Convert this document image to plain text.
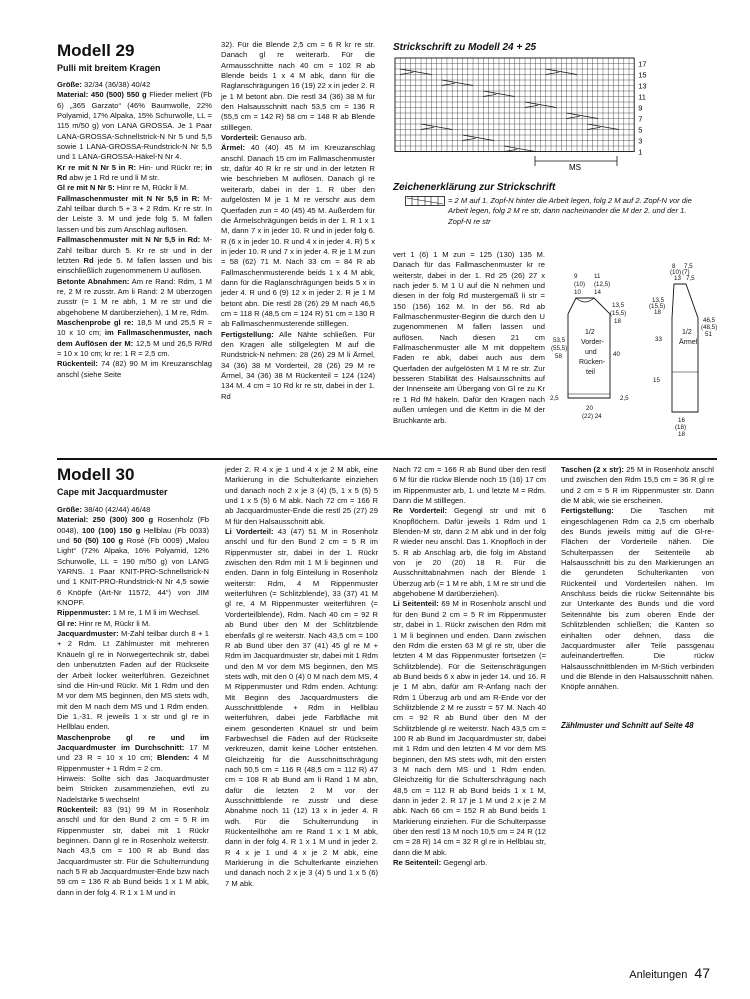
Modell 29
Pulli mit breitem Kragen

Größe: 32/34 (36/38) 40/42

Material: 450 (500) 550 g Flieder meliert (Fb 6) „365 Garzato“ (46% Baumwolle, 22% Polyamid, 17% Alpaka, 15% Schurwolle, LL = 115 m/50 g) von LANA GROSSA. Je 1 Paar LANA-GROSSA-Schnellstrick-N Nr 5 und 5,5 sowie 1 LANA-GROSSA-Rundstrick-N Nr 5,5 und 1 LANA-GROSSA-Häkel-N Nr 4.

Kr re mit N Nr 5 in R: Hin- und Rückr re; in Rd abw je 1 Rd re und li M str.

Gl re mit N Nr 5: Hinr re M, Rückr li M.

Fallmaschenmuster mit N Nr 5,5 in R: M-Zahl teilbar durch 5 + 3 + 2 Rdm. Kr re str. In der Leiste 3. M und jede folg 5. M fallen lassen und bis zum Anschlag auflösen.

Fallmaschenmuster mit N Nr 5,5 in Rd: M-Zahl teilbar durch 5. Kr re str und in der letzten Rd jede 5. M fallen lassen und bis einschließlich zugenommenem U auflösen.

Betonte Abnahmen: Am re Rand: Rdm, 1 M re, 2 M re zusstr. Am li Rand: 2 M überzogen zusstr (= 1 M re abh, 1 M re str und die abgehobene M darüberziehen), 1 M re, Rdm.

Maschenprobe gl re: 18,5 M und 25,5 R = 10 x 10 cm; im Fallmaschenmuster, nach dem Auflösen der M: 12,5 M und 26,5 R/Rd = 10 x 10 cm; kr re: 1 R = 2,5 cm.

Rückenteil: 74 (82) 90 M im Kreuzanschlag anschl (siehe Seite

32). Für die Blende 2,5 cm = 6 R kr re str. Danach gl re weiterarb. Für die Armausschnitte nach 40 cm = 102 R ab Blende beids 1 x 4 M abk, dann für die Raglanschrägungen 16 (19) 22 x in jeder 2. R je 1 M betont abn. Die restl 34 (36) 38 M für den Halsausschnitt nach 53,5 cm = 136 R (55,5 cm = 142 R) 58 cm = 148 R ab Blende stilllegen.

Vorderteil: Genauso arb.

Ärmel: 40 (40) 45 M im Kreuzanschlag anschl. Danach 15 cm im Fallmaschenmuster str, dafür 40 R kr re str und in der letzten R wie beschrieben M auflösen. Danach gl re weiterarb, dabei in der 1. R über den aufgelösten M je 1 M re verschr aus dem Querfaden zun = 40 (45) 45 M. Außerdem für die Ärmelschrägungen beids in der 1. R 1 x 1 M, dann 7 x in jeder 10. R und in jeder folg 6. R (6 x in jeder 10. R und 4 x in jeder 4. R) 5 x in jeder 10. R und 7 x in jeder 4. R je 1 M zun = 58 (62) 71 M. Nach 33 cm = 84 R ab Fallmaschenmusterende beids 1 x 4 M abk, dann für die Raglanschrägungen beids 5 x in jeder 4. R und 6 (9) 12 x in jeder 2. R je 1 M betont abn. Die restl 28 (26) 29 M nach 46,5 cm = 118 R (48,5 cm = 124 R) 51 cm = 130 R ab Fallmaschenmusterende stilllegen.

Fertigstellung: Alle Nähte schließen. Für den Kragen alle stillgelegten M auf die Rundstrick-N nehmen: 28 (26) 29 M li Ärmel, 34 (36) 38 M Vorderteil, 28 (26) 29 M re Ärmel, 34 (36) 38 M Rückenteil = 124 (124) 134 M. 4 cm = 10 Rd kr re str, dabei in der 1. Rd

Strickschrift zu Modell 24 + 25
17
15
13
11
9
7
5
3
1
MS
Zeichenerklärung zur Strickschrift
= 2 M auf 1. Zopf-N hinter die Arbeit legen, folg 2 M auf 2. Zopf-N vor die Arbeit legen, folg 2 M re str, dann nacheinander die M der 2. und der 1. Zopf-N re str

vert 1 (6) 1 M zun = 125 (130) 135 M. Danach für das Fallmaschenmuster kr re weiterstr, dabei in der 1. Rd 25 (26) 27 x nach jeder 5. M 1 U auf die N nehmen und diesen in der folg Rd mustergemäß li str = 150 (156) 162 M. In der 56. Rd ab Fallmaschenmuster-Beginn die durch den U zugenommenen M fallen lassen und auflösen. Nach diesen 21 cm Fallmaschenmuster alle M mit doppeltem Faden re abk, dabei auch aus dem Querfaden der aufgelösten M 1 M re str. Zur besseren Stabilität des Halsausschnitts auf der Innenseite am Übergang von Gl re zu Kr re 1 Rd fM häkeln. Dafür den Kragen nach außen umlegen und die Kettm in die M der Bruchkante arb.

9	11
(10) (12,5)
10 14
13,5
(15,5)
18
53,5
(55,5)
58	40
20
(22) 24
2,5	2,5
1/2
Vorder-
und
Rücken-
teil
8 7,5
(10) (7)
13 7,5
13,5
(15,5)
18
46,5
(48,5)
51
33
15
16
(18)
18
1/2
Ärmel
Modell 30
Cape mit Jacquardmuster

Größe: 38/40 (42/44) 46/48

Material: 250 (300) 300 g Rosenholz (Fb 0048), 100 (100) 150 g Hellblau (Fb 0033) und 50 (50) 100 g Rosé (Fb 0009) „Malou Light“ (72% Alpaka, 16% Polyamid, 12% Schurwolle, LL = 190 m/50 g) von LANG YARNS. 1 Paar KNIT-PRO-Schnellstrick-N und 1 KNIT-PRO-Rundstrick-N Nr 4,5 sowie 6 Knöpfe (Art-Nr 11572, 44“) von JIM KNOPF.

Rippenmuster: 1 M re, 1 M li im Wechsel.

Gl re: Hinr re M, Rückr li M.

Jacquardmuster: M-Zahl teilbar durch 8 + 1 + 2 Rdm. Lt Zählmuster mit mehreren Knäueln gl re in Norwegertechnik str, dabei den unbenutzten Faden auf der Rückseite der Arbeit locker weiterführen. Gezeichnet sind die Hin-und Rückr. Mit 1 Rdm und den M vor dem MS beginnen, den MS stets wdh, mit den M nach dem MS und 1 Rdm enden. Die 1.-31. R jeweils 1 x str und gl re in Hellblau enden.

Maschenprobe gl re und im Jacquardmuster im Durchschnitt: 17 M und 23 R = 10 x 10 cm; Blenden: 4 M Rippenmuster + 1 Rdm = 2 cm.

Hinweis: Sollte sich das Jacquardmuster beim Stricken zusammenziehen, evtl zu Nadelstärke 5 wechseln!

Rückenteil: 83 (91) 99 M in Rosenholz anschl und für den Bund 2 cm = 5 R im Rippenmuster str, dabei mit 1 Rückr beginnen. Dann gl re in Rosenholz weiterstr. Nach 43,5 cm = 100 R ab Bund das Jacquardmuster str. Für die Schulterrundung nach 5 R ab Jacquardmuster-Ende bzw nach 59 cm = 136 R ab Bund beids 1 x 1 M abk, dann in der folg 4. R 1 x 1 M und in

jeder 2. R 4 x je 1 und 4 x je 2 M abk, eine Markierung in die Schulterkante einziehen und danach noch 2 x je 3 (4) (5, 1 x 5 (5) 5 und 1 x 5 (5) 6 M abk. Nach 72 cm = 166 R ab Jacquardmuster-Ende die restl 25 (27) 29 M für den Halsausschnitt abk.

Li Vorderteil: 43 (47) 51 M in Rosenholz anschl und für den Bund 2 cm = 5 R im Rippenmuster str, dabei in der 1. Rückr zwischen den Rdm mit 1 M li beginnen und enden. Dann in folg Einteilung in Rosenholz weiterstr: Rdm, 4 M Rippenmuster weiterführen (= Schlitzblende), 33 (37) 41 M gl re, 4 M Rippenmuster weiterführen (= Vorderteilblende), Rdm. Nach 40 cm = 92 R ab Bund über den M der Schlitzblende ebenfalls gl re weiterstr. Nach 43,5 cm = 100 R ab Bund über den 37 (41) 45 gl re M + Rdm im Jacquardmuster str, dabei mit 1 Rdm und den M vor dem MS beginnen, den MS stets wdh, mit den 0 (4) 0 M nach dem MS, 4 M Rippenmuster und Rdm enden. Achtung: Mit Beginn des Jacquardmusters die Ausschnittblende + Rdm in Hellblau weiterführen, dabei jede Farbfläche mit einem gesonderten Knäuel str und beim Farbwechsel die Fäden auf der Rückseite verkreuzen, damit keine Löcher entstehen. Gleichzeitig für die Ausschnittschrägung nach 50,5 cm = 116 R (48,5 cm = 112 R) 47 cm = 108 R ab Bund am li Rand 1 M abn, dafür die letzten 2 M vor der Ausschnittblende re zusstr und diese Abnahme noch 11 (12) 13 x in jeder 4. R wdh. Für die Schulterrundung in Rückenteilhöhe am re Rand 1 x 1 M abk, dann in der folg 4. R 1 x 1 M und in jeder 2. R 4 x je 1 und 4 x je 2 M abk, eine Markierung in die Schulterkante einziehen und danach noch 2 x je 3 (4) 5 und 1 x 5 (6) 7 M abk.

Nach 72 cm = 166 R ab Bund über den restl 6 M für die rückw Blende noch 15 (16) 17 cm im Rippenmuster arb, 1. und letzte M = Rdm. Dann die M stilllegen.

Re Vorderteil: Gegengl str und mit 6 Knopflöchern. Dafür jeweils 1 Rdm und 1 Blenden-M str, dann 2 M abk und in der folg R wieder neu anschl. Das 1. Knopfloch in der 5. R ab Anschlag arb, die folg im Abstand von je 20 (20) 18 R. Für die Ausschnittabnahmen nach der Blende 1 Überzug arb (= 1 M re abh, 1 M re str und die abgehobene M darüberziehen).

Li Seitenteil: 69 M in Rosenholz anschl und für den Bund 2 cm = 5 R im Rippenmuster str, dabei in 1. Rückr zwischen den Rdm mit 1 M li beginnen und enden. Dann zwischen den Rdm die ersten 63 M gl re str, über die letzten 4 M das Rippenmuster fortsetzen (= Schlitzblende). Für die Seitenschrägungen ab Bund beids 6 x abw in jeder 14. und 16. R je 1 M abn, dafür am R-Anfang nach der Rdm 1 Überzug arb und am R-Ende vor der Schlitzblende 2 M re zusstr = 57 M. Nach 40 cm = 92 R ab Bund über den M der Schlitzblende gl re weiterstr. Nach 43,5 cm = 100 R ab Bund im Jacquardmuster str, dabei mit 1 Rdm und den letzten 4 M vor dem MS beginnen, den MS stets wdh, mit den ersten 3 M nach dem MS und 1 Rdm enden. Gleichzeitig für die Schulterschrägung nach 48,5 cm = 112 R ab Bund beids 1 x 1 M, dann in jeder 2. R 17 je 1 M und 2 x je 2 M abk. Nach 66 cm = 152 R ab Bund beids 1 Markierung einziehen. Für die Schulterpasse über den restl 13 M noch 10,5 cm = 24 R (12 cm = 28 R) 14 cm = 32 R gl re in Hellblau str, dann die M abk.

Re Seitenteil: Gegengl arb.

Taschen (2 x str): 25 M in Rosenholz anschl und zwischen den Rdm 15,5 cm = 36 R gl re und 2 cm = 5 R im Rippenmuster str. Dann die M abk, wie sie erscheinen.

Fertigstellung: Die Taschen mit eingeschlagenen Rdm ca 2,5 cm oberhalb des Bunds jeweils mittig auf die Gl-re-Flächen der Vorderteile nähen. Die Schulterpassen der Seitenteile ab Halsausschnitt bis zu den Markierungen an die gerundeten Schulterkanten von Rückenteil und Vorderteilen nähen. Im Anschluss beids die rückw Seitennähte bis zur Unterkante des Bunds und die vord Seitennähte bis zum oberen Ende der Schlitzblenden schließen; die Kanten so einhalten oder dehnen, dass die Jacquardmuster aller Teile passgenau aufeinandertreffen. Die rückw Halsausschnittblenden im M-Stich verbinden und die Blende in den Halsausschnitt nähen. Knöpfe annähen.

Zählmuster und Schnitt auf Seite 48
Anleitungen 47
